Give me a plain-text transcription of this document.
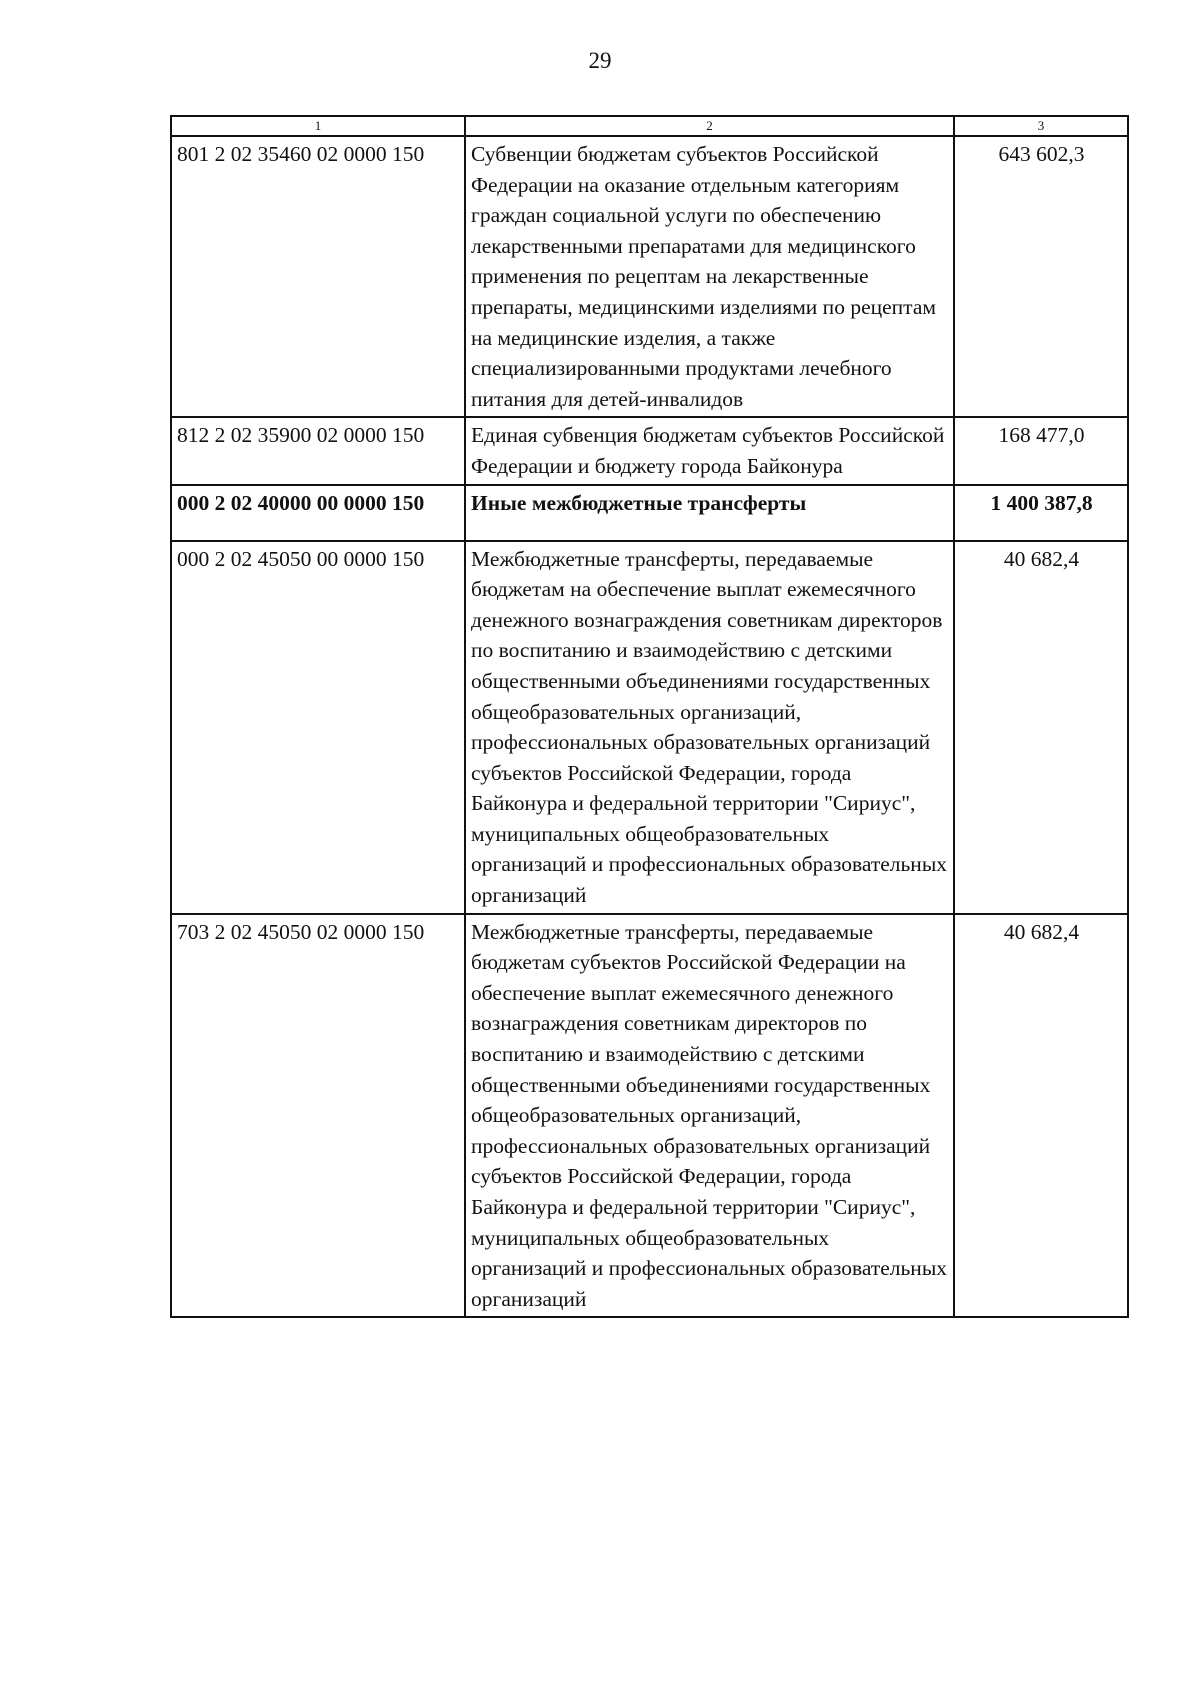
29
1	2	3
801 2 02 35460 02 0000 150	Субвенции бюджетам субъектов Российской Федерации на оказание отдельным категориям граждан социальной услуги по обеспечению лекарственными препаратами для медицинского применения по рецептам на лекарственные препараты, медицинскими изделиями по рецептам на медицинские изделия, а также специализированными продуктами лечебного питания для детей-инвалидов	643 602,3
812 2 02 35900 02 0000 150	Единая субвенция бюджетам субъектов Российской Федерации и бюджету города Байконура	168 477,0
000 2 02 40000 00 0000 150	Иные межбюджетные трансферты	1 400 387,8
000 2 02 45050 00 0000 150	Межбюджетные трансферты, передаваемые бюджетам на обеспечение выплат ежемесячного денежного вознаграждения советникам директоров по воспитанию и взаимодействию с детскими общественными объединениями государственных общеобразовательных организаций, профессиональных образовательных организаций субъектов Российской Федерации, города Байконура и федеральной территории "Сириус", муниципальных общеобразовательных организаций и профессиональных образовательных организаций	40 682,4
703 2 02 45050 02 0000 150	Межбюджетные трансферты, передаваемые бюджетам субъектов Российской Федерации на обеспечение выплат ежемесячного денежного вознаграждения советникам директоров по воспитанию и взаимодействию с детскими общественными объединениями государственных общеобразовательных организаций, профессиональных образовательных организаций субъектов Российской Федерации, города Байконура и федеральной территории "Сириус", муниципальных общеобразовательных организаций и профессиональных образовательных организаций	40 682,4
